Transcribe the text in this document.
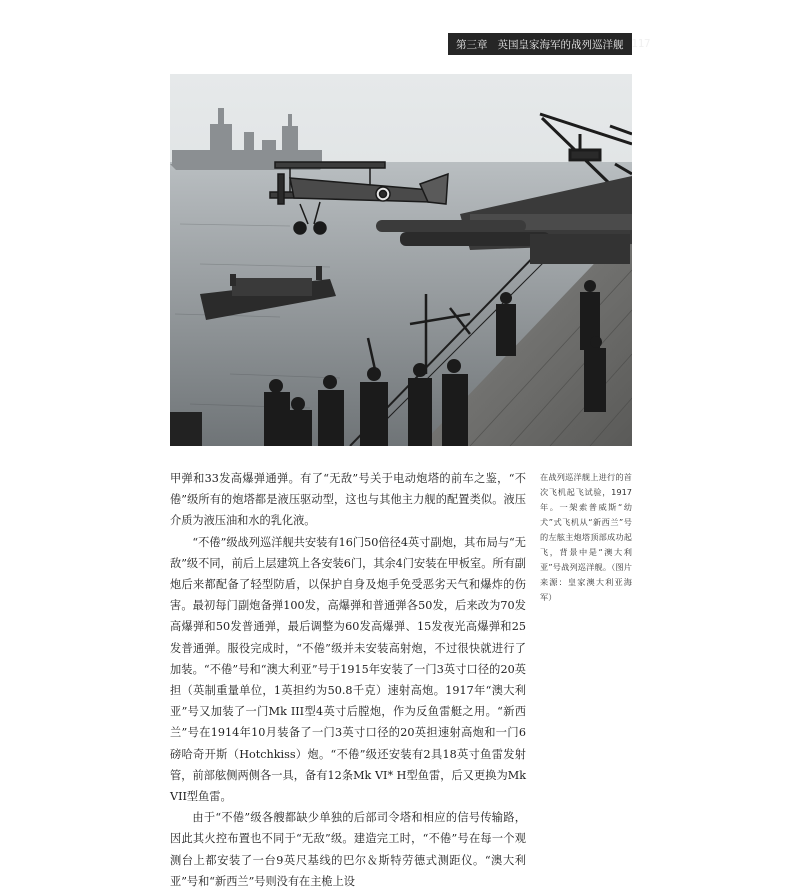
第三章 英国皇家海军的战列巡洋舰 117

甲弹和33发高爆弹通弹。有了“无敌”号关于电动炮塔的前车之鉴，“不倦”级所有的炮塔都是液压驱动型，这也与其他主力舰的配置类似。液压介质为液压油和水的乳化液。

“不倦”级战列巡洋舰共安装有16门50倍径4英寸副炮，其布局与“无敌”级不同，前后上层建筑上各安装6门，其余4门安装在甲板室。所有副炮后来都配备了轻型防盾，以保护自身及炮手免受恶劣天气和爆炸的伤害。最初每门副炮备弹100发，高爆弹和普通弹各50发，后来改为70发高爆弹和50发普通弹，最后调整为60发高爆弹、15发夜光高爆弹和25发普通弹。服役完成时，“不倦”级并未安装高射炮，不过很快就进行了加装。“不倦”号和“澳大利亚”号于1915年安装了一门3英寸口径的20英担（英制重量单位，1英担约为50.8千克）速射高炮。1917年“澳大利亚”号又加装了一门Mk III型4英寸后膛炮，作为反鱼雷艇之用。“新西兰”号在1914年10月装备了一门3英寸口径的20英担速射高炮和一门6磅哈奇开斯（Hotchkiss）炮。“不倦”级还安装有2具18英寸鱼雷发射管，前部舷侧两侧各一具，备有12条Mk VI* H型鱼雷，后又更换为Mk VII型鱼雷。

由于“不倦”级各艘都缺少单独的后部司令塔和相应的信号传输路，因此其火控布置也不同于“无敌”级。建造完工时，“不倦”号在每一个观测台上都安装了一台9英尺基线的巴尔＆斯特劳德式测距仪。“澳大利亚”号和“新西兰”号则没有在主桅上设

在战列巡洋舰上进行的首次飞机起飞试验，1917年。一架索普威斯“幼犬”式飞机从“新西兰”号的左舷主炮塔顶部成功起飞，背景中是“澳大利亚”号战列巡洋舰。（图片来源：皇家澳大利亚海军）
